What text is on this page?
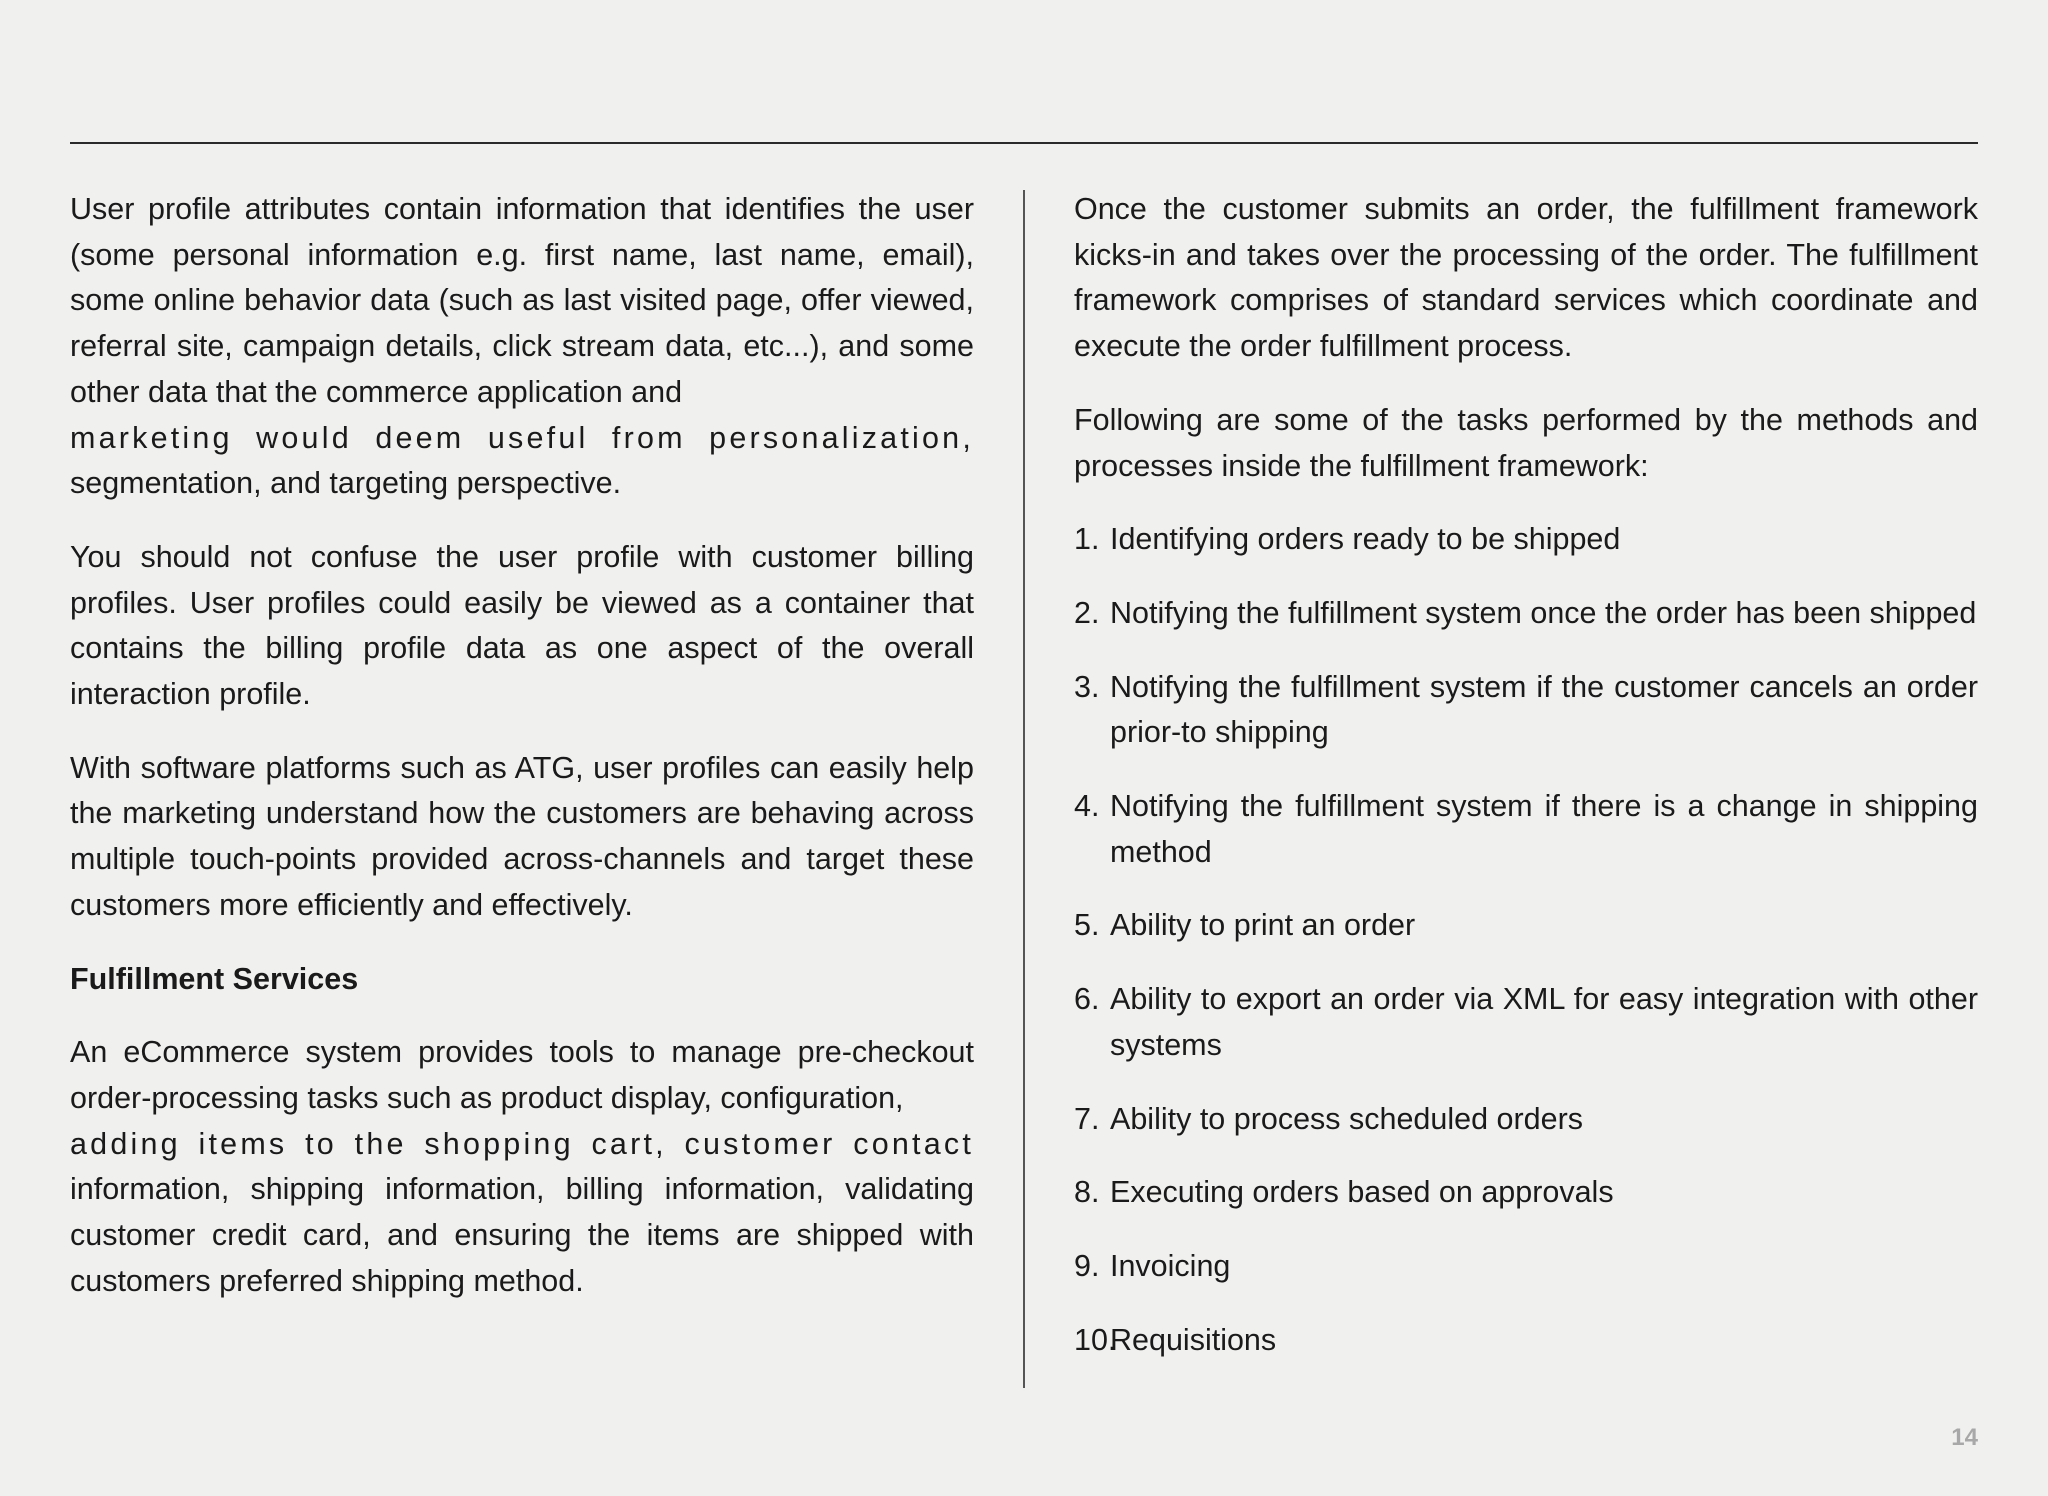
User profile attributes contain information that identifies the user (some personal information e.g. first name, last name, email), some online behavior data (such as last visited page, offer viewed, referral site, campaign details, click stream data, etc...), and some other data that the commerce application and
marketing would deem useful from personalization,
segmentation, and targeting perspective.

You should not confuse the user profile with customer billing profiles. User profiles could easily be viewed as a container that contains the billing profile data as one aspect of the overall interaction profile.

With software platforms such as ATG, user profiles can easily help the marketing understand how the customers are behaving across multiple touch-points provided across-channels and target these customers more efficiently and effectively.

Fulfillment Services

An eCommerce system provides tools to manage pre-checkout order-processing tasks such as product display, configuration,
adding items to the shopping cart, customer contact
information, shipping information, billing information, validating customer credit card, and ensuring the items are shipped with customers preferred shipping method.

Once the customer submits an order, the fulfillment framework kicks-in and takes over the processing of the order. The fulfillment framework comprises of standard services which coordinate and execute the order fulfillment process.

Following are some of the tasks performed by the methods and processes inside the fulfillment framework:

1. Identifying orders ready to be shipped
2. Notifying the fulfillment system once the order has been shipped
3. Notifying the fulfillment system if the customer cancels an order prior-to shipping
4. Notifying the fulfillment system if there is a change in shipping method
5. Ability to print an order
6. Ability to export an order via XML for easy integration with other systems
7. Ability to process scheduled orders
8. Executing orders based on approvals
9. Invoicing
10.
Requisitions
14
